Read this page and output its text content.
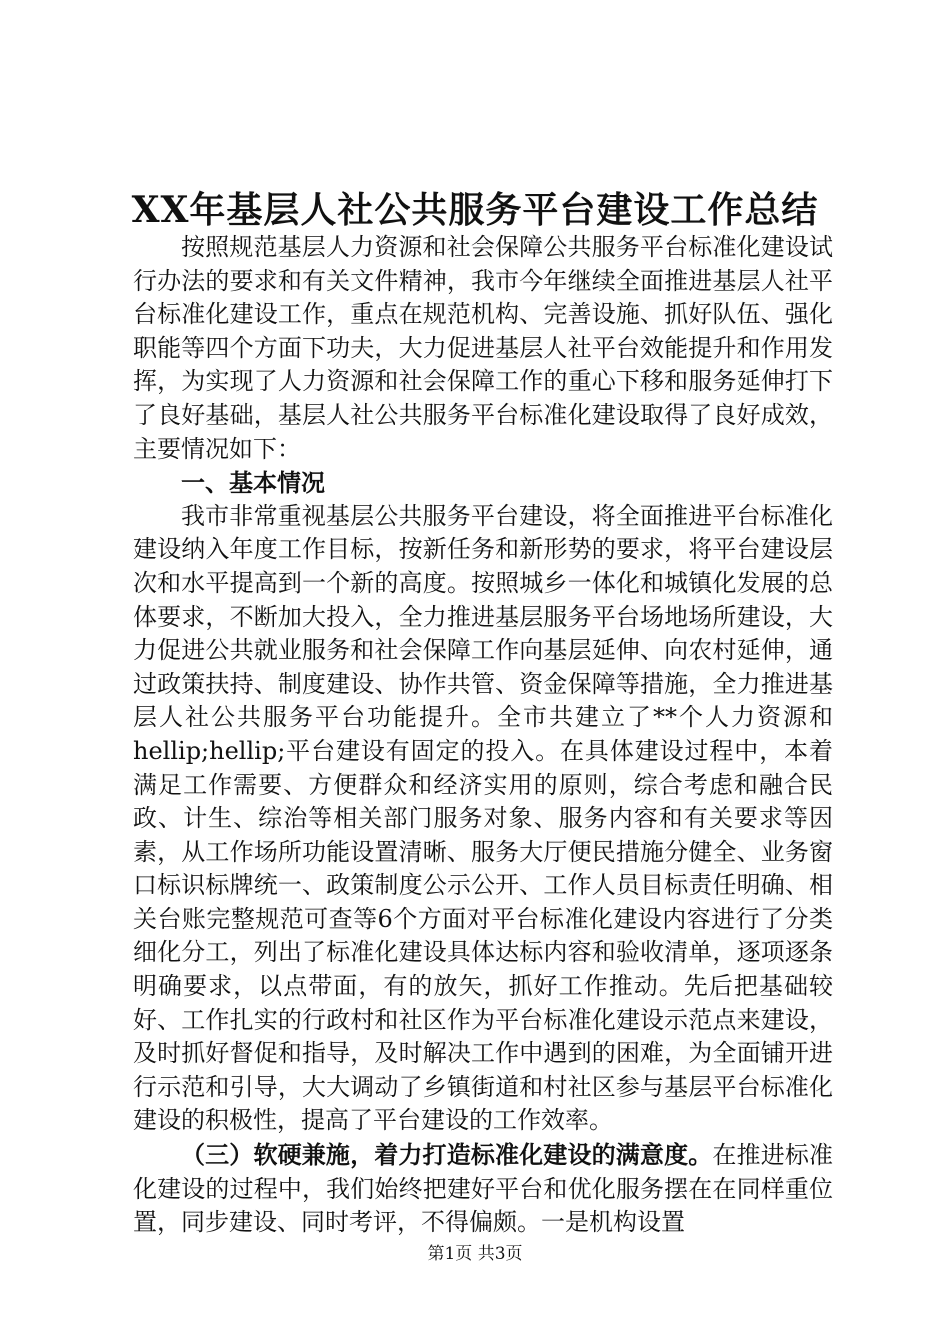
XX年基层人社公共服务平台建设工作总结

按照规范基层人力资源和社会保障公共服务平台标准化建设试行办法的要求和有关文件精神，我市今年继续全面推进基层人社平台标准化建设工作，重点在规范机构、完善设施、抓好队伍、强化职能等四个方面下功夫，大力促进基层人社平台效能提升和作用发挥，为实现了人力资源和社会保障工作的重心下移和服务延伸打下了良好基础，基层人社公共服务平台标准化建设取得了良好成效，主要情况如下：

一、基本情况

我市非常重视基层公共服务平台建设，将全面推进平台标准化建设纳入年度工作目标，按新任务和新形势的要求，将平台建设层次和水平提高到一个新的高度。按照城乡一体化和城镇化发展的总体要求，不断加大投入，全力推进基层服务平台场地场所建设，大力促进公共就业服务和社会保障工作向基层延伸、向农村延伸，通过政策扶持、制度建设、协作共管、资金保障等措施，全力推进基层人社公共服务平台功能提升。全市共建立了**个人力资源和hellip;hellip;平台建设有固定的投入。在具体建设过程中，本着满足工作需要、方便群众和经济实用的原则，综合考虑和融合民政、计生、综治等相关部门服务对象、服务内容和有关要求等因素，从工作场所功能设置清晰、服务大厅便民措施分健全、业务窗口标识标牌统一、政策制度公示公开、工作人员目标责任明确、相关台账完整规范可查等6个方面对平台标准化建设内容进行了分类细化分工，列出了标准化建设具体达标内容和验收清单，逐项逐条明确要求，以点带面，有的放矢，抓好工作推动。先后把基础较好、工作扎实的行政村和社区作为平台标准化建设示范点来建设，及时抓好督促和指导，及时解决工作中遇到的困难，为全面铺开进行示范和引导，大大调动了乡镇街道和村社区参与基层平台标准化建设的积极性，提高了平台建设的工作效率。

（三）软硬兼施，着力打造标准化建设的满意度。在推进标准化建设的过程中，我们始终把建好平台和优化服务摆在在同样重位置，同步建设、同时考评，不得偏颇。一是机构设置

第1页 共3页
